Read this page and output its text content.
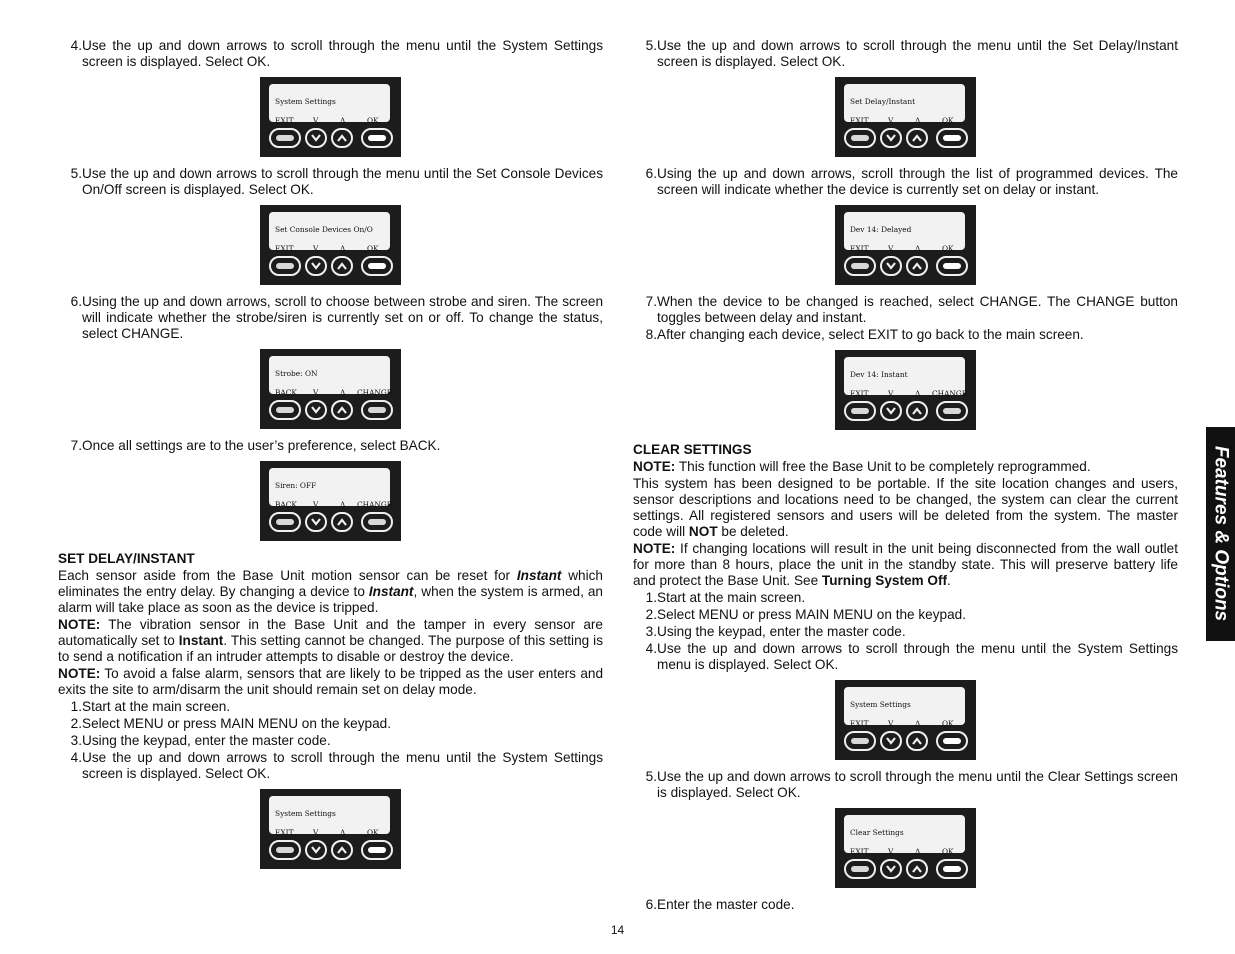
4. Use the up and down arrows to scroll through the menu until the System Settings screen is displayed. Select OK.
System Settings
EXIT	V	Λ	OK
5. Use the up and down arrows to scroll through the menu until the Set Console Devices On/Off screen is displayed. Select OK.
Set Console Devices On/O
EXIT	V	Λ	OK
6. Using the up and down arrows, scroll to choose between strobe and siren. The screen will indicate whether the strobe/siren is currently set on or off. To change the status, select CHANGE.
Strobe: ON
BACK V	Λ CHANGE
7. Once all settings are to the user’s preference, select BACK.
Siren: OFF
BACK V	Λ CHANGE
SET DELAY/INSTANT

Each sensor aside from the Base Unit motion sensor can be reset for Instant which eliminates the entry delay. By changing a device to Instant, when the system is armed, an alarm will take place as soon as the device is tripped.

NOTE: The vibration sensor in the Base Unit and the tamper in every sensor are automatically set to Instant. This setting cannot be changed. The purpose of this setting is to send a notification if an intruder attempts to disable or destroy the device.

NOTE: To avoid a false alarm, sensors that are likely to be tripped as the user enters and exits the site to arm/disarm the unit should remain set on delay mode.

1. Start at the main screen.
2. Select MENU or press MAIN MENU on the keypad.
3. Using the keypad, enter the master code.
4. Use the up and down arrows to scroll through the menu until the System Settings screen is displayed. Select OK.
System Settings
EXIT	V	Λ	OK
5. Use the up and down arrows to scroll through the menu until the Set Delay/Instant screen is displayed. Select OK.
Set Delay/Instant
EXIT	V	Λ	OK
6. Using the up and down arrows, scroll through the list of programmed devices. The screen will indicate whether the device is currently set on delay or instant.
Dev 14: Delayed
EXIT	V	Λ	OK
7. When the device to be changed is reached, select CHANGE. The CHANGE button toggles between delay and instant.
8. After changing each device, select EXIT to go back to the main screen.
Dev 14: Instant
EXIT	V	Λ CHANGE
CLEAR SETTINGS

NOTE: This function will free the Base Unit to be completely reprogrammed.

This system has been designed to be portable. If the site location changes and users, sensor descriptions and locations need to be changed, the system can clear the current settings. All registered sensors and users will be deleted from the system. The master code will NOT be deleted.

NOTE: If changing locations will result in the unit being disconnected from the wall outlet for more than 8 hours, place the unit in the standby state. This will preserve battery life and protect the Base Unit. See Turning System Off.

1. Start at the main screen.
2. Select MENU or press MAIN MENU on the keypad.
3. Using the keypad, enter the master code.
4. Use the up and down arrows to scroll through the menu until the System Settings menu is displayed. Select OK.
System Settings
EXIT	V	Λ	OK
5. Use the up and down arrows to scroll through the menu until the Clear Settings screen is displayed. Select OK.
Clear Settings
EXIT	V	Λ	OK
6. Enter the master code.
Features & Options
14
